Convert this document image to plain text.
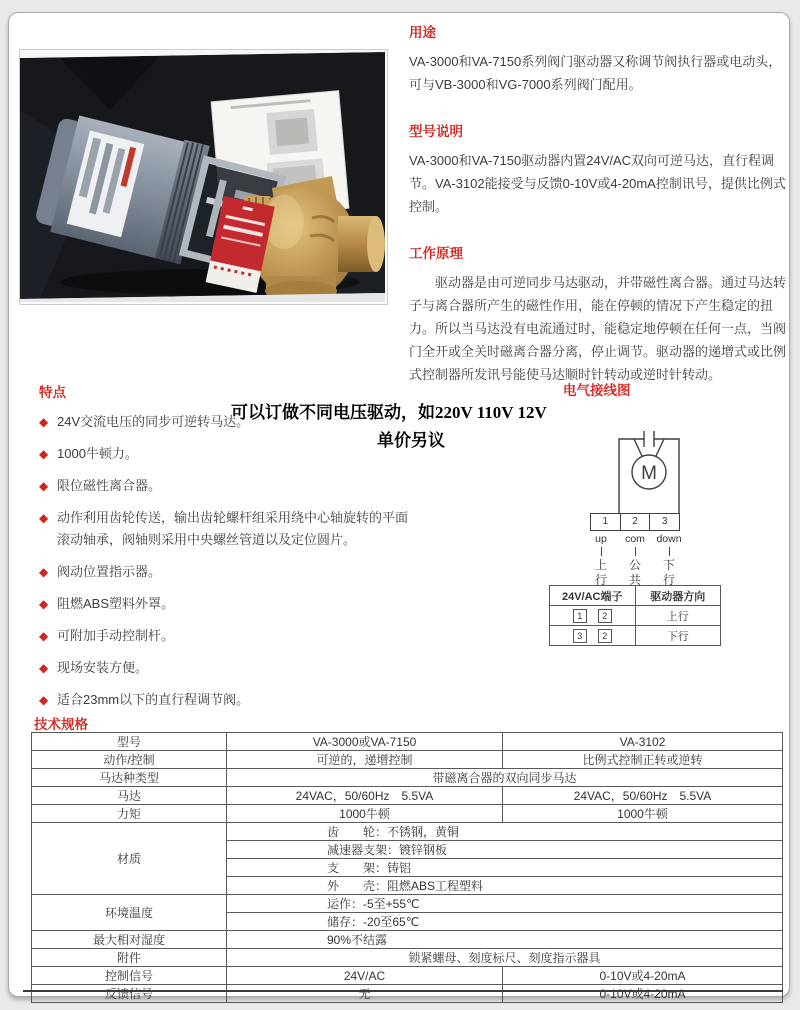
用途

VA-3000和VA-7150系列阀门驱动器又称调节阀执行器或电动头，可与VB-3000和VG-7000系列阀门配用。

型号说明

VA-3000和VA-7150驱动器内置24V/AC双向可逆马达，直行程调节。VA-3102能接受与反馈0-10V或4-20mA控制讯号，提供比例式控制。

工作原理

驱动器是由可逆同步马达驱动，并带磁性离合器。通过马达转子与离合器所产生的磁性作用，能在停顿的情况下产生稳定的扭力。所以当马达没有电流通过时，能稳定地停顿在任何一点，当阀门全开或全关时磁离合器分离，停止调节。驱动器的递增式或比例式控制器所发讯号能使马达顺时针转动或逆时针转动。

特点
◆ 24V交流电压的同步可逆转马达。
◆ 1000牛顿力。
◆ 限位磁性离合器。
◆ 动作利用齿轮传送，输出齿轮螺杆组采用绕中心轴旋转的平面滚动轴承，阀轴则采用中央螺丝管道以及定位圆片。
◆ 阀动位置指示器。
◆ 阻燃ABS塑料外罩。
◆ 可附加手动控制杆。
◆ 现场安装方便。
◆ 适合23mm以下的直行程调节阀。
可以订做不同电压驱动，如220V 110V 12V
单价另议
电气接线图
M
1	2	3
up
上行
com
公共
down
下行
24V/AC端子	驱动器方向
1 2	上行
3 2	下行
技术规格
型号	VA-3000或VA-7150	VA-3102
动作/控制	可逆的，递增控制	比例式控制正转或逆转
马达种类型	带磁离合器的双向同步马达	
马达	24VAC，50/60Hz　5.5VA	24VAC，50/60Hz　5.5VA
力矩	1000牛顿	1000牛顿
材质	齿　　轮：不锈钢，黄铜	
	减速器支架：镀锌钢板	
	支　　架：铸铝	
	外　　壳：阻燃ABS工程塑料	
环境温度	运作：-5至+55℃	
	储存：-20至65℃	
最大相对湿度	90%不结露	
附件	锁紧螺母、刻度标尺、刻度指示器具	
控制信号	24V/AC	0-10V或4-20mA
反馈信号	无	0-10V或4-20mA
